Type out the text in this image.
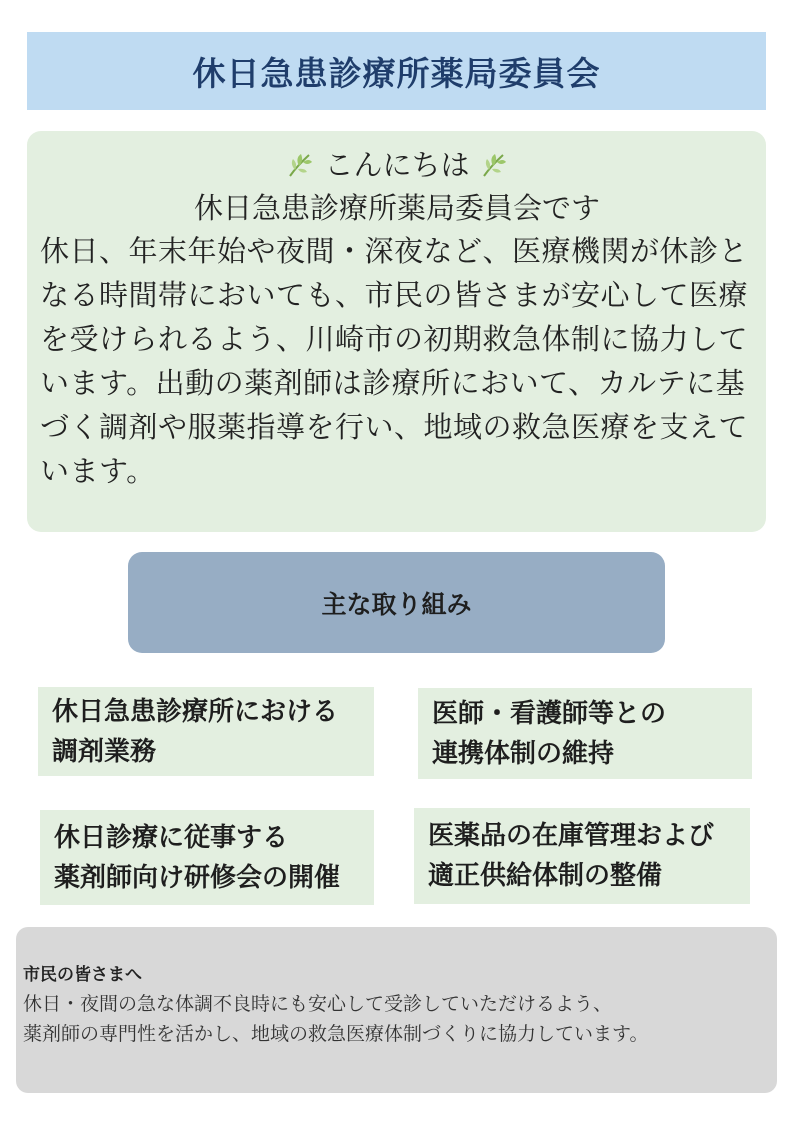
休日急患診療所薬局委員会
こんにちは
休日急患診療所薬局委員会です
休日、年末年始や夜間・深夜など、医療機関が休診となる時間帯においても、市民の皆さまが安心して医療を受けられるよう、川崎市の初期救急体制に協力しています。出動の薬剤師は診療所において、カルテに基づく調剤や服薬指導を行い、地域の救急医療を支えています。
主な取り組み
休日急患診療所における
調剤業務
医師・看護師等との
連携体制の維持
休日診療に従事する
薬剤師向け研修会の開催
医薬品の在庫管理および
適正供給体制の整備
市民の皆さまへ
休日・夜間の急な体調不良時にも安心して受診していただけるよう、
薬剤師の専門性を活かし、地域の救急医療体制づくりに協力しています。
